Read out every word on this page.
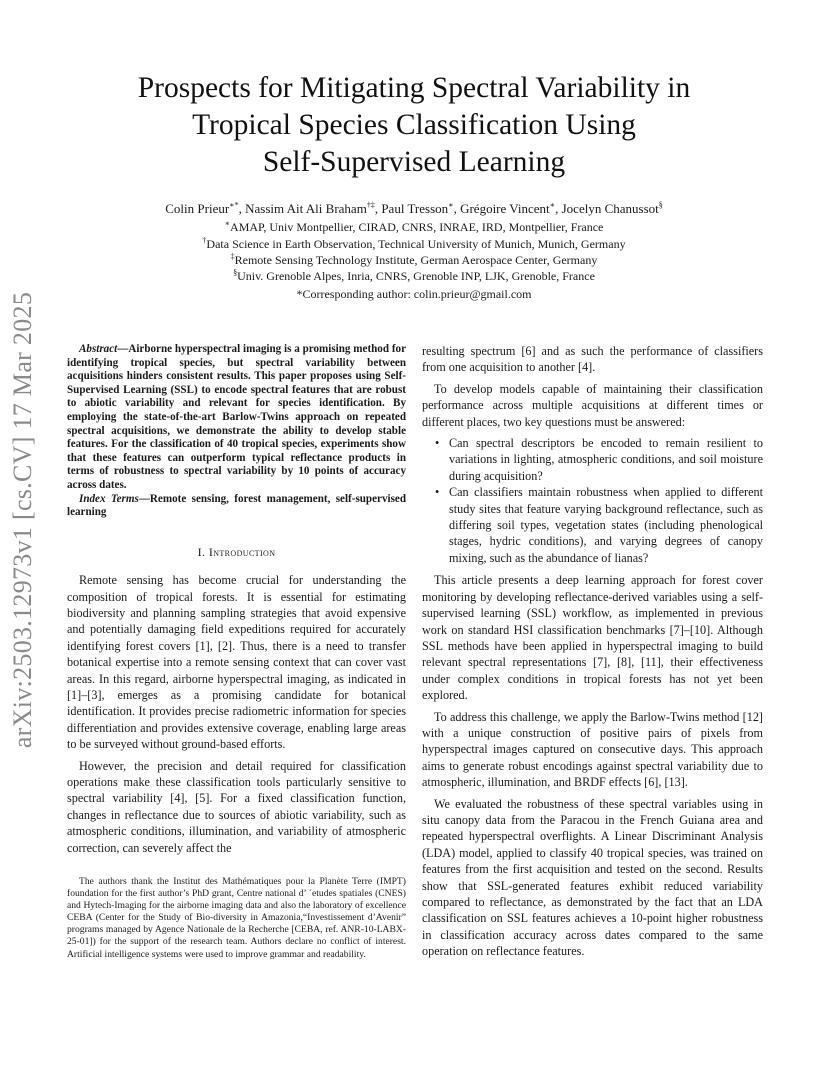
arXiv:2503.12973v1 [cs.CV] 17 Mar 2025
Prospects for Mitigating Spectral Variability in
Tropical Species Classification Using
Self-Supervised Learning
Colin Prieur∗*, Nassim Ait Ali Braham†‡, Paul Tresson∗, Grégoire Vincent∗, Jocelyn Chanussot§
∗AMAP, Univ Montpellier, CIRAD, CNRS, INRAE, IRD, Montpellier, France
†Data Science in Earth Observation, Technical University of Munich, Munich, Germany
‡Remote Sensing Technology Institute, German Aerospace Center, Germany
§Univ. Grenoble Alpes, Inria, CNRS, Grenoble INP, LJK, Grenoble, France
*Corresponding author: colin.prieur@gmail.com

Abstract—Airborne hyperspectral imaging is a promising method for identifying tropical species, but spectral variability between acquisitions hinders consistent results. This paper proposes using Self-Supervised Learning (SSL) to encode spectral features that are robust to abiotic variability and relevant for species identification. By employing the state-of-the-art Barlow-Twins approach on repeated spectral acquisitions, we demonstrate the ability to develop stable features. For the classification of 40 tropical species, experiments show that these features can outperform typical reflectance products in terms of robustness to spectral variability by 10 points of accuracy across dates.

Index Terms—Remote sensing, forest management, self-supervised learning

I. Introduction

Remote sensing has become crucial for understanding the composition of tropical forests. It is essential for estimating biodiversity and planning sampling strategies that avoid expensive and potentially damaging field expeditions required for accurately identifying forest covers [1], [2]. Thus, there is a need to transfer botanical expertise into a remote sensing context that can cover vast areas. In this regard, airborne hyperspectral imaging, as indicated in [1]–[3], emerges as a promising candidate for botanical identification. It provides precise radiometric information for species differentiation and provides extensive coverage, enabling large areas to be surveyed without ground-based efforts.

However, the precision and detail required for classification operations make these classification tools particularly sensitive to spectral variability [4], [5]. For a fixed classification function, changes in reflectance due to sources of abiotic variability, such as atmospheric conditions, illumination, and variability of atmospheric correction, can severely affect the

The authors thank the Institut des Mathématiques pour la Planète Terre (IMPT) foundation for the first author’s PhD grant, Centre national d’ ´etudes spatiales (CNES) and Hytech-Imaging for the airborne imaging data and also the laboratory of excellence CEBA (Center for the Study of Bio-diversity in Amazonia,“Investissement d’Avenir” programs managed by Agence Nationale de la Recherche [CEBA, ref. ANR-10-LABX-25-01]) for the support of the research team. Authors declare no conflict of interest. Artificial intelligence systems were used to improve grammar and readability.

resulting spectrum [6] and as such the performance of classifiers from one acquisition to another [4].

To develop models capable of maintaining their classification performance across multiple acquisitions at different times or different places, two key questions must be answered:

• Can spectral descriptors be encoded to remain resilient to variations in lighting, atmospheric conditions, and soil moisture during acquisition?
• Can classifiers maintain robustness when applied to different study sites that feature varying background reflectance, such as differing soil types, vegetation states (including phenological stages, hydric conditions), and varying degrees of canopy mixing, such as the abundance of lianas?

This article presents a deep learning approach for forest cover monitoring by developing reflectance-derived variables using a self-supervised learning (SSL) workflow, as implemented in previous work on standard HSI classification benchmarks [7]–[10]. Although SSL methods have been applied in hyperspectral imaging to build relevant spectral representations [7], [8], [11], their effectiveness under complex conditions in tropical forests has not yet been explored.

To address this challenge, we apply the Barlow-Twins method [12] with a unique construction of positive pairs of pixels from hyperspectral images captured on consecutive days. This approach aims to generate robust encodings against spectral variability due to atmospheric, illumination, and BRDF effects [6], [13].

We evaluated the robustness of these spectral variables using in situ canopy data from the Paracou in the French Guiana area and repeated hyperspectral overflights. A Linear Discriminant Analysis (LDA) model, applied to classify 40 tropical species, was trained on features from the first acquisition and tested on the second. Results show that SSL-generated features exhibit reduced variability compared to reflectance, as demonstrated by the fact that an LDA classification on SSL features achieves a 10-point higher robustness in classification accuracy across dates compared to the same operation on reflectance features.
